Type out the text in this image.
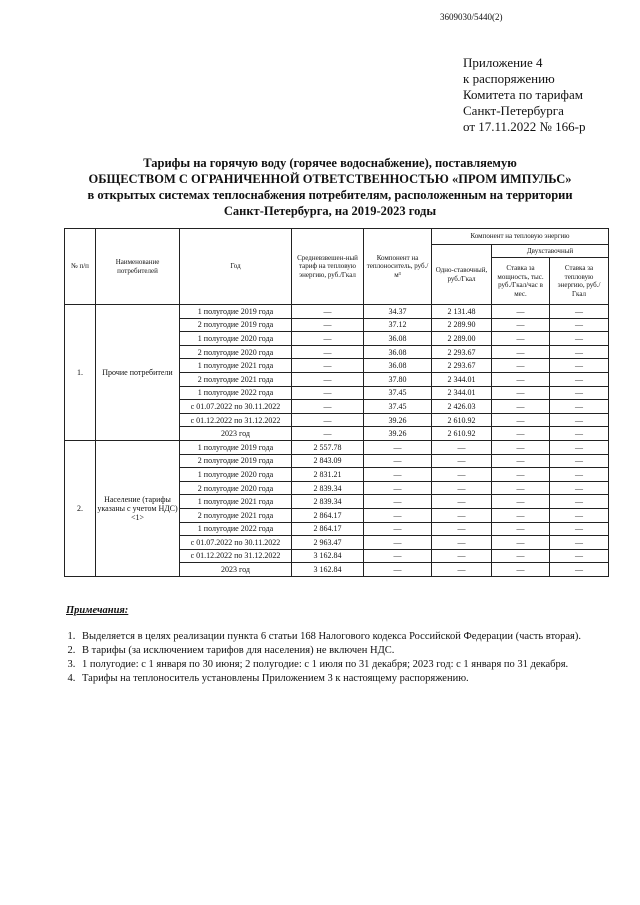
3609030/5440(2)
Приложение 4
к распоряжению
Комитета по тарифам
Санкт-Петербурга
от 17.11.2022 № 166-р
Тарифы на горячую воду (горячее водоснабжение), поставляемую
ОБЩЕСТВОМ С ОГРАНИЧЕННОЙ ОТВЕТСТВЕННОСТЬЮ «ПРОМ ИМПУЛЬС»
в открытых системах теплоснабжения потребителям, расположенным на территории
Санкт-Петербурга, на 2019-2023 годы
№ п/п	Наименование потребителей	Год	Средневзвешен-ный тариф на тепловую энергию, руб./Гкал	Компонент на теплоноситель, руб./м³	Компонент на тепловую энергию		
					Одно-ставочный, руб./Гкал	Двухставочный	
						Ставка за мощность, тыс. руб./Гкал/час в мес.	Ставка за тепловую энергию, руб./Гкал
1.	Прочие потребители	1 полугодие 2019 года	—	34.37	2 131.48	—	—
		2 полугодие 2019 года	—	37.12	2 289.90	—	—
		1 полугодие 2020 года	—	36.08	2 289.00	—	—
		2 полугодие 2020 года	—	36.08	2 293.67	—	—
		1 полугодие 2021 года	—	36.08	2 293.67	—	—
		2 полугодие 2021 года	—	37.80	2 344.01	—	—
		1 полугодие 2022 года	—	37.45	2 344.01	—	—
		с 01.07.2022 по 30.11.2022	—	37.45	2 426.03	—	—
		с 01.12.2022 по 31.12.2022	—	39.26	2 610.92	—	—
		2023 год	—	39.26	2 610.92	—	—
2.	Население (тарифы указаны с учетом НДС) <1>	1 полугодие 2019 года	2 557.78	—	—	—	—
		2 полугодие 2019 года	2 843.09	—	—	—	—
		1 полугодие 2020 года	2 831.21	—	—	—	—
		2 полугодие 2020 года	2 839.34	—	—	—	—
		1 полугодие 2021 года	2 839.34	—	—	—	—
		2 полугодие 2021 года	2 864.17	—	—	—	—
		1 полугодие 2022 года	2 864.17	—	—	—	—
		с 01.07.2022 по 30.11.2022	2 963.47	—	—	—	—
		с 01.12.2022 по 31.12.2022	3 162.84	—	—	—	—
		2023 год	3 162.84	—	—	—	—
Примечания:
1. Выделяется в целях реализации пункта 6 статьи 168 Налогового кодекса Российской Федерации (часть вторая).
2. В тарифы (за исключением тарифов для населения) не включен НДС.
3. 1 полугодие: с 1 января по 30 июня; 2 полугодие: с 1 июля по 31 декабря; 2023 год: с 1 января по 31 декабря.
4. Тарифы на теплоноситель установлены Приложением 3 к настоящему распоряжению.
